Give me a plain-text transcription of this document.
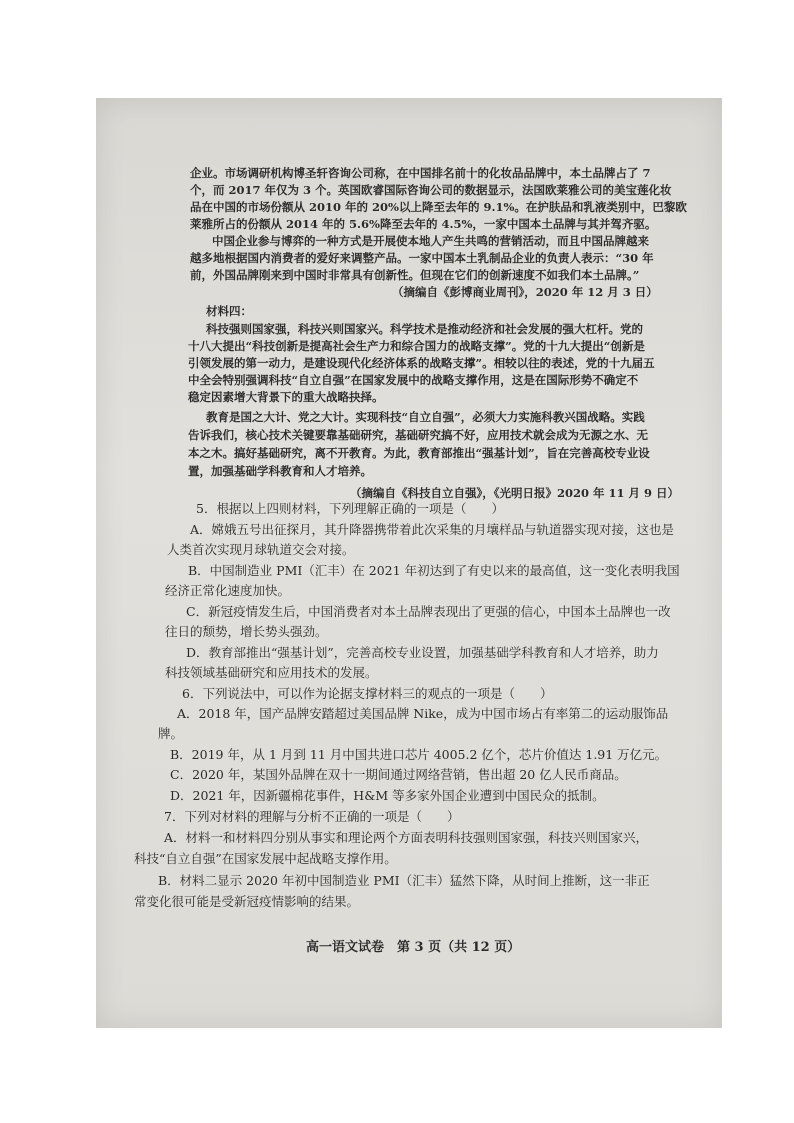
企业。市场调研机构博圣轩咨询公司称，在中国排名前十的化妆品品牌中，本土品牌占了 7
个，而 2017 年仅为 3 个。英国欧睿国际咨询公司的数据显示，法国欧莱雅公司的美宝莲化妆
品在中国的市场份额从 2010 年的 20%以上降至去年的 9.1%。在护肤品和乳液类别中，巴黎欧
莱雅所占的份额从 2014 年的 5.6%降至去年的 4.5%，一家中国本土品牌与其并驾齐驱。
中国企业参与博弈的一种方式是开展使本地人产生共鸣的营销活动，而且中国品牌越来
越多地根据国内消费者的爱好来调整产品。一家中国本土乳制品企业的负责人表示：“30 年
前，外国品牌刚来到中国时非常具有创新性。但现在它们的创新速度不如我们本土品牌。”
（摘编自《彭博商业周刊》，2020 年 12 月 3 日）
材料四：
科技强则国家强，科技兴则国家兴。科学技术是推动经济和社会发展的强大杠杆。党的
十八大提出“科技创新是提高社会生产力和综合国力的战略支撑”。党的十九大提出“创新是
引领发展的第一动力，是建设现代化经济体系的战略支撑”。相较以往的表述，党的十九届五
中全会特别强调科技“自立自强”在国家发展中的战略支撑作用，这是在国际形势不确定不
稳定因素增大背景下的重大战略抉择。
教育是国之大计、党之大计。实现科技“自立自强”，必须大力实施科教兴国战略。实践
告诉我们，核心技术关键要靠基础研究，基础研究搞不好，应用技术就会成为无源之水、无
本之木。搞好基础研究，离不开教育。为此，教育部推出“强基计划”，旨在完善高校专业设
置，加强基础学科教育和人才培养。
（摘编自《科技自立自强》，《光明日报》2020 年 11 月 9 日）
5．根据以上四则材料，下列理解正确的一项是（　　）
A．嫦娥五号出征探月，其升降器携带着此次采集的月壤样品与轨道器实现对接，这也是
人类首次实现月球轨道交会对接。
B．中国制造业 PMI（汇丰）在 2021 年初达到了有史以来的最高值，这一变化表明我国
经济正常化速度加快。
C．新冠疫情发生后，中国消费者对本土品牌表现出了更强的信心，中国本土品牌也一改
往日的颓势，增长势头强劲。
D．教育部推出“强基计划”，完善高校专业设置，加强基础学科教育和人才培养，助力
科技领域基础研究和应用技术的发展。
6．下列说法中，可以作为论据支撑材料三的观点的一项是（　　）
A．2018 年，国产品牌安踏超过美国品牌 Nike，成为中国市场占有率第二的运动服饰品
牌。
B．2019 年，从 1 月到 11 月中国共进口芯片 4005.2 亿个，芯片价值达 1.91 万亿元。
C．2020 年，某国外品牌在双十一期间通过网络营销，售出超 20 亿人民币商品。
D．2021 年，因新疆棉花事件，H&M 等多家外国企业遭到中国民众的抵制。
7．下列对材料的理解与分析不正确的一项是（　　）
A．材料一和材料四分别从事实和理论两个方面表明科技强则国家强，科技兴则国家兴，
科技“自立自强”在国家发展中起战略支撑作用。
B．材料二显示 2020 年初中国制造业 PMI（汇丰）猛然下降，从时间上推断，这一非正
常变化很可能是受新冠疫情影响的结果。
高一语文试卷　第 3 页（共 12 页）
